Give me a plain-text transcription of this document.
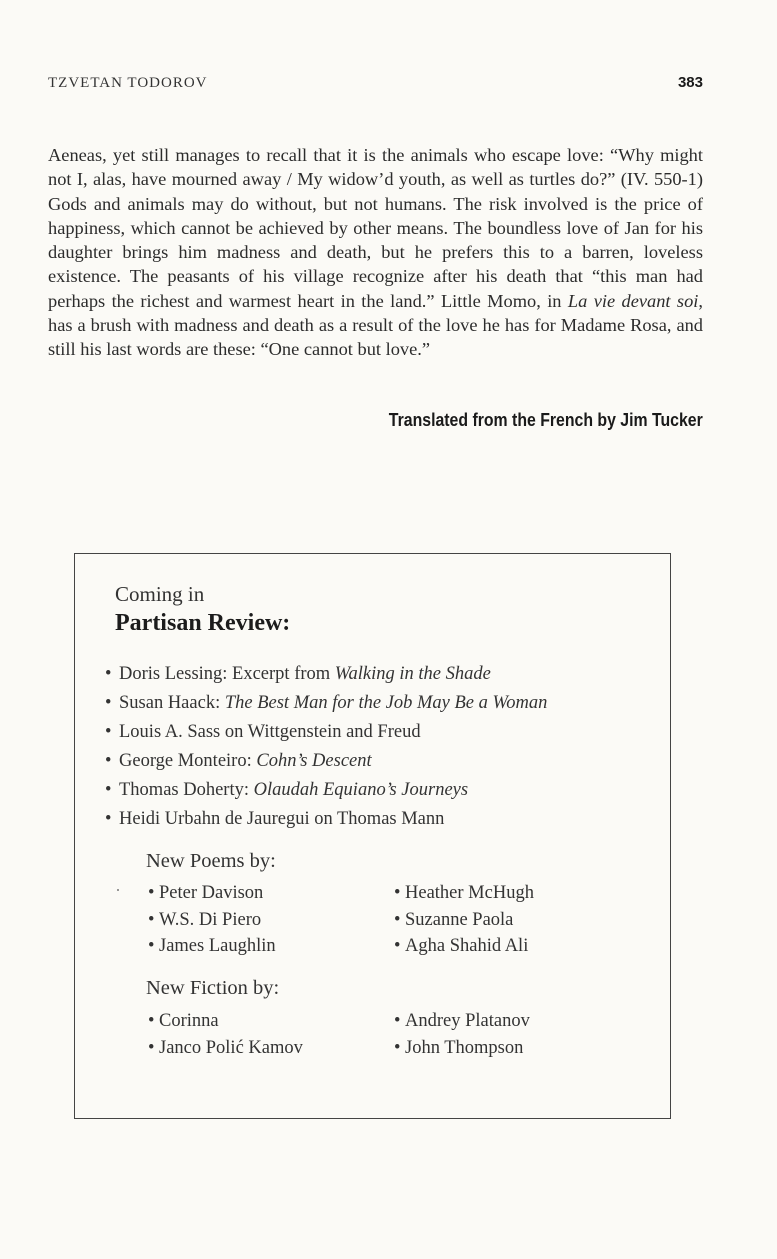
TZVETAN TODOROV	383

Aeneas, yet still manages to recall that it is the animals who escape love: “Why might not I, alas, have mourned away / My widow’d youth, as well as turtles do?” (IV. 550-1) Gods and animals may do without, but not humans. The risk involved is the price of happiness, which cannot be achieved by other means. The boundless love of Jan for his daughter brings him madness and death, but he prefers this to a barren, loveless existence. The peasants of his village recognize after his death that “this man had perhaps the richest and warmest heart in the land.” Little Momo, in La vie devant soi, has a brush with madness and death as a result of the love he has for Madame Rosa, and still his last words are these: “One cannot but love.”

Translated from the French by Jim Tucker
Coming in
Partisan Review:
• Doris Lessing: Excerpt from Walking in the Shade
• Susan Haack: The Best Man for the Job May Be a Woman
• Louis A. Sass on Wittgenstein and Freud
• George Monteiro: Cohn’s Descent
• Thomas Doherty: Olaudah Equiano’s Journeys
• Heidi Urbahn de Jauregui on Thomas Mann
New Poems by:
• Peter Davison
• W.S. Di Piero
• James Laughlin
• Heather McHugh
• Suzanne Paola
• Agha Shahid Ali
New Fiction by:
• Corinna
• Janco Polić Kamov
• Andrey Platanov
• John Thompson
